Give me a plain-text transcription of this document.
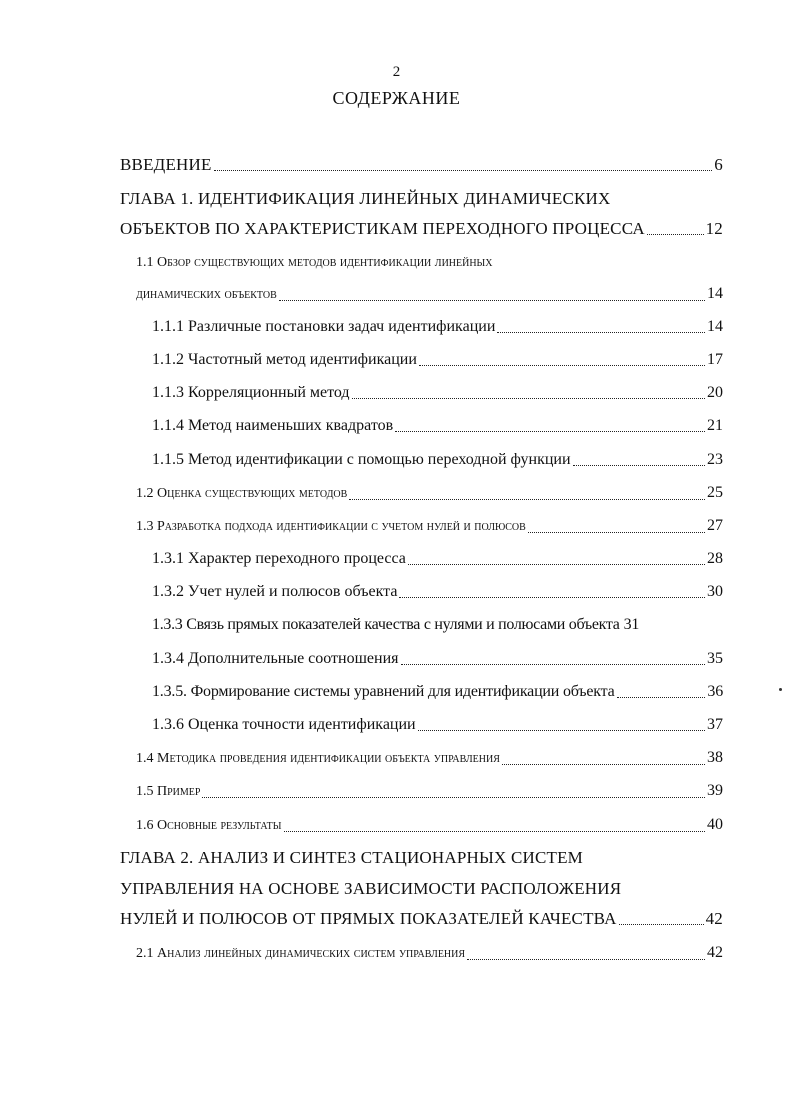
2
СОДЕРЖАНИЕ
ВВЕДЕНИЕ	6
ГЛАВА 1. ИДЕНТИФИКАЦИЯ ЛИНЕЙНЫХ ДИНАМИЧЕСКИХ
ОБЪЕКТОВ ПО ХАРАКТЕРИСТИКАМ ПЕРЕХОДНОГО ПРОЦЕССА	12
1.1 Обзор существующих методов идентификации линейных
динамических объектов	14
1.1.1 Различные постановки задач идентификации	14
1.1.2 Частотный метод идентификации	17
1.1.3 Корреляционный метод	20
1.1.4 Метод наименьших квадратов	21
1.1.5 Метод идентификации с помощью переходной функции	23
1.2 Оценка существующих методов	25
1.3 Разработка подхода идентификации с учетом нулей и полюсов	27
1.3.1 Характер переходного процесса	28
1.3.2 Учет нулей и полюсов объекта	30
1.3.3 Связь прямых показателей качества с нулями и полюсами объекта 31
1.3.4 Дополнительные соотношения	35
1.3.5. Формирование системы уравнений для идентификации объекта	36
1.3.6 Оценка точности идентификации	37
1.4 Методика проведения идентификации объекта управления	38
1.5 Пример	39
1.6 Основные результаты	40
ГЛАВА 2. АНАЛИЗ И СИНТЕЗ СТАЦИОНАРНЫХ СИСТЕМ
УПРАВЛЕНИЯ НА ОСНОВЕ ЗАВИСИМОСТИ РАСПОЛОЖЕНИЯ
НУЛЕЙ И ПОЛЮСОВ ОТ ПРЯМЫХ ПОКАЗАТЕЛЕЙ КАЧЕСТВА	42
2.1 Анализ линейных динамических систем управления	42
